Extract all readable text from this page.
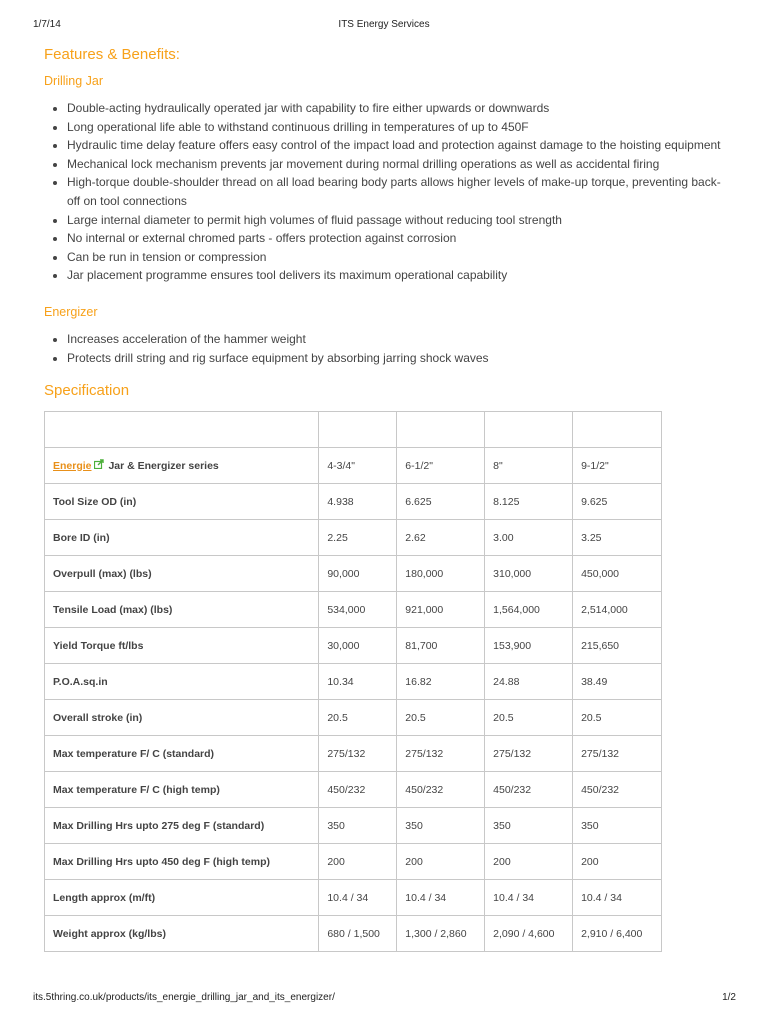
1/7/14	ITS Energy Services
Features & Benefits:
Drilling Jar
• Double-acting hydraulically operated jar with capability to fire either upwards or downwards
• Long operational life able to withstand continuous drilling in temperatures of up to 450F
• Hydraulic time delay feature offers easy control of the impact load and protection against damage to the hoisting equipment
• Mechanical lock mechanism prevents jar movement during normal drilling operations as well as accidental firing
• High-torque double-shoulder thread on all load bearing body parts allows higher levels of make-up torque, preventing back-off on tool connections
• Large internal diameter to permit high volumes of fluid passage without reducing tool strength
• No internal or external chromed parts - offers protection against corrosion
• Can be run in tension or compression
• Jar placement programme ensures tool delivers its maximum operational capability
Energizer
• Increases acceleration of the hammer weight
• Protects drill string and rig surface equipment by absorbing jarring shock waves
Specification

Energie Jar & Energizer series	4-3/4"	6-1/2"	8"	9-1/2"
Tool Size OD (in)	4.938	6.625	8.125	9.625
Bore ID (in)	2.25	2.62	3.00	3.25
Overpull (max) (lbs)	90,000	180,000	310,000	450,000
Tensile Load (max) (lbs)	534,000	921,000	1,564,000	2,514,000
Yield Torque ft/lbs	30,000	81,700	153,900	215,650
P.O.A.sq.in	10.34	16.82	24.88	38.49
Overall stroke (in)	20.5	20.5	20.5	20.5
Max temperature F/ C (standard)	275/132	275/132	275/132	275/132
Max temperature F/ C (high temp)	450/232	450/232	450/232	450/232
Max Drilling Hrs upto 275 deg F (standard)	350	350	350	350
Max Drilling Hrs upto 450 deg F (high temp)	200	200	200	200
Length approx (m/ft)	10.4 / 34	10.4 / 34	10.4 / 34	10.4 / 34
Weight approx (kg/lbs)	680 / 1,500	1,300 / 2,860	2,090 / 4,600	2,910 / 6,400
its.5thring.co.uk/products/its_energie_drilling_jar_and_its_energizer/	1/2
